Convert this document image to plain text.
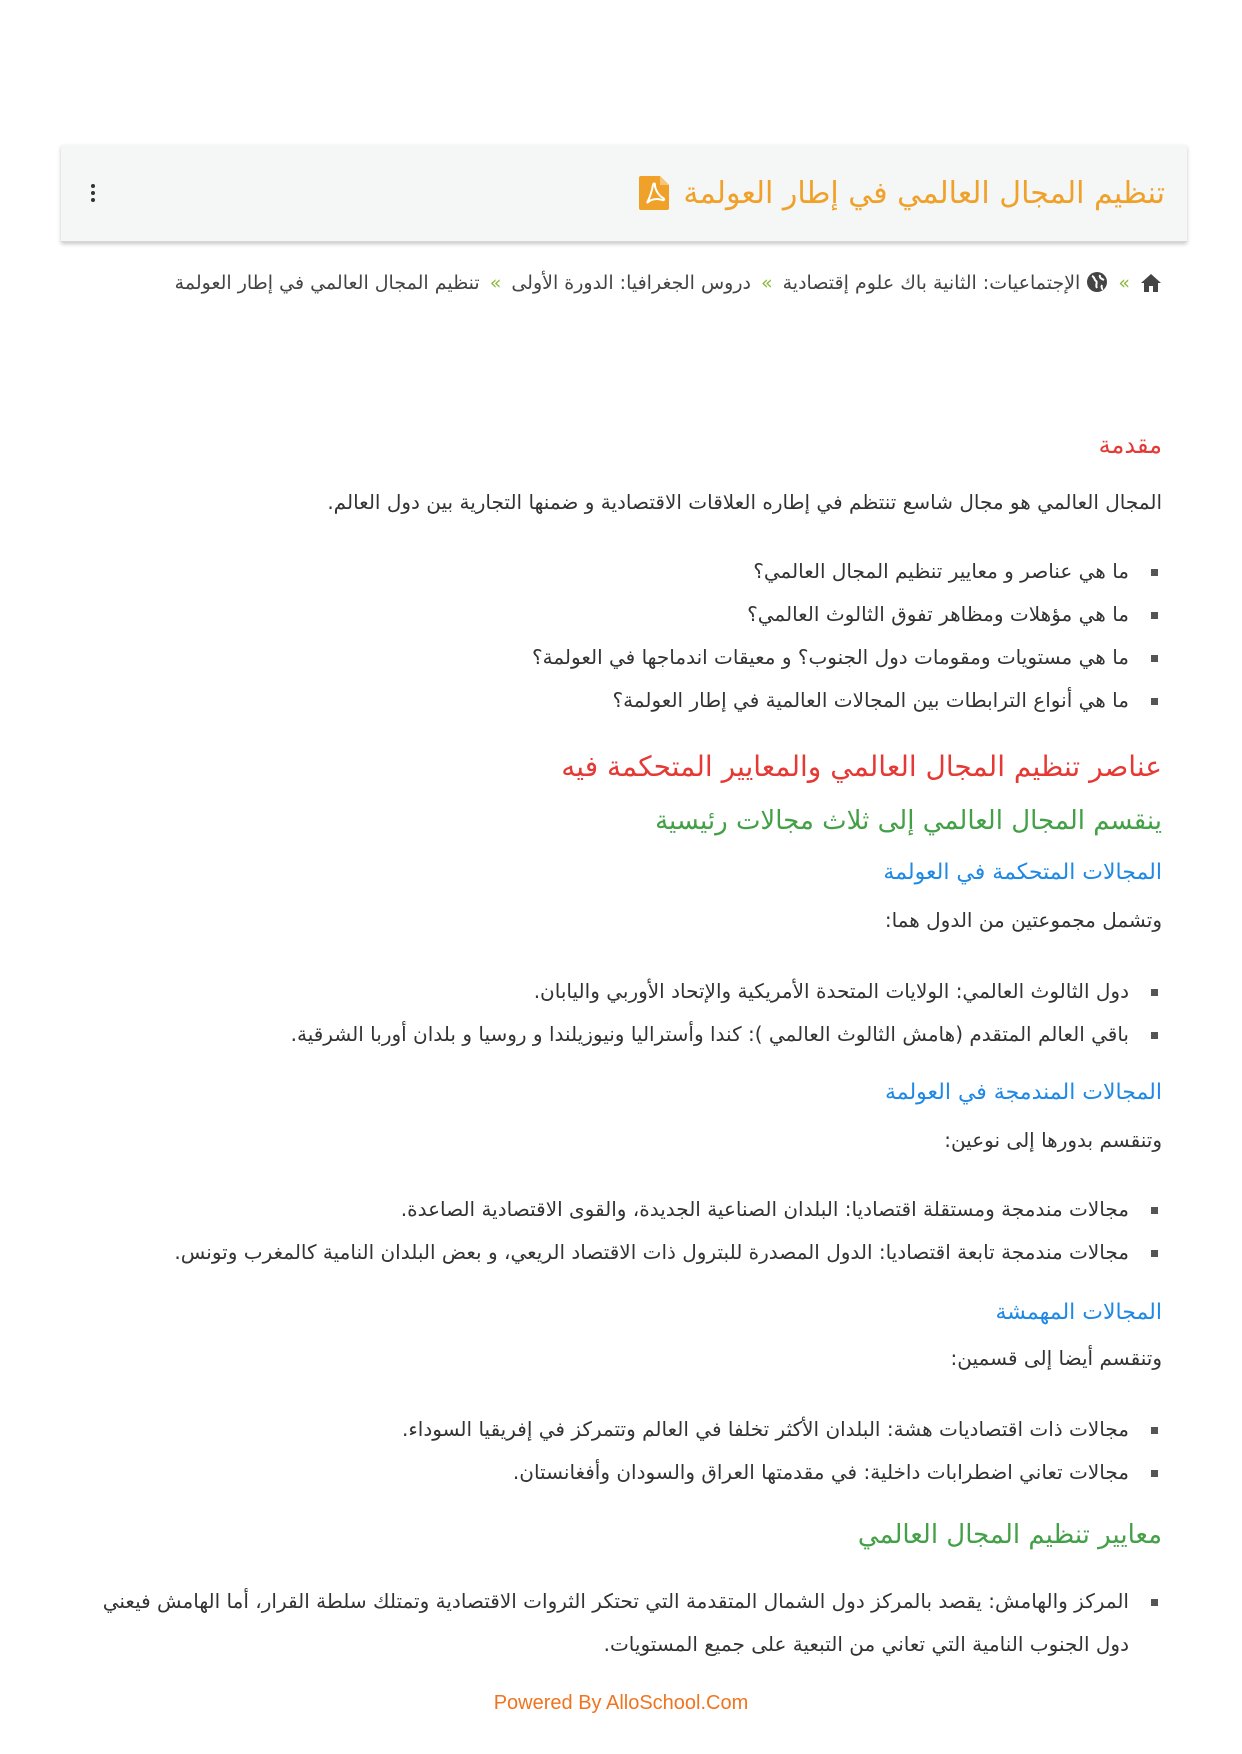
تنظيم المجال العالمي في إطار العولمة
» الإجتماعيات: الثانية باك علوم إقتصادية»دروس الجغرافيا: الدورة الأولى»تنظيم المجال العالمي في إطار العولمة
مقدمة

المجال العالمي هو مجال شاسع تنتظم في إطاره العلاقات الاقتصادية و ضمنها التجارية بين دول العالم.

ما هي عناصر و معايير تنظيم المجال العالمي؟
ما هي مؤهلات ومظاهر تفوق الثالوث العالمي؟
ما هي مستويات ومقومات دول الجنوب؟ و معيقات اندماجها في العولمة؟
ما هي أنواع الترابطات بين المجالات العالمية في إطار العولمة؟
عناصر تنظيم المجال العالمي والمعايير المتحكمة فيه
ينقسم المجال العالمي إلى ثلاث مجالات رئيسية
المجالات المتحكمة في العولمة

وتشمل مجموعتين من الدول هما:

دول الثالوث العالمي: الولايات المتحدة الأمريكية والإتحاد الأوربي واليابان.
باقي العالم المتقدم (هامش الثالوث العالمي ): كندا وأستراليا ونيوزيلندا و روسيا و بلدان أوربا الشرقية.
المجالات المندمجة في العولمة

وتنقسم بدورها إلى نوعين:

مجالات مندمجة ومستقلة اقتصاديا: البلدان الصناعية الجديدة، والقوى الاقتصادية الصاعدة.
مجالات مندمجة تابعة اقتصاديا: الدول المصدرة للبترول ذات الاقتصاد الريعي، و بعض البلدان النامية كالمغرب وتونس.
المجالات المهمشة

وتنقسم أيضا إلى قسمين:

مجالات ذات اقتصاديات هشة: البلدان الأكثر تخلفا في العالم وتتمركز في إفريقيا السوداء.
مجالات تعاني اضطرابات داخلية: في مقدمتها العراق والسودان وأفغانستان.
معايير تنظيم المجال العالمي
المركز والهامش: يقصد بالمركز دول الشمال المتقدمة التي تحتكر الثروات الاقتصادية وتمتلك سلطة القرار، أما الهامش فيعني دول الجنوب النامية التي تعاني من التبعية على جميع المستويات.
Powered By AlloSchool.Com
